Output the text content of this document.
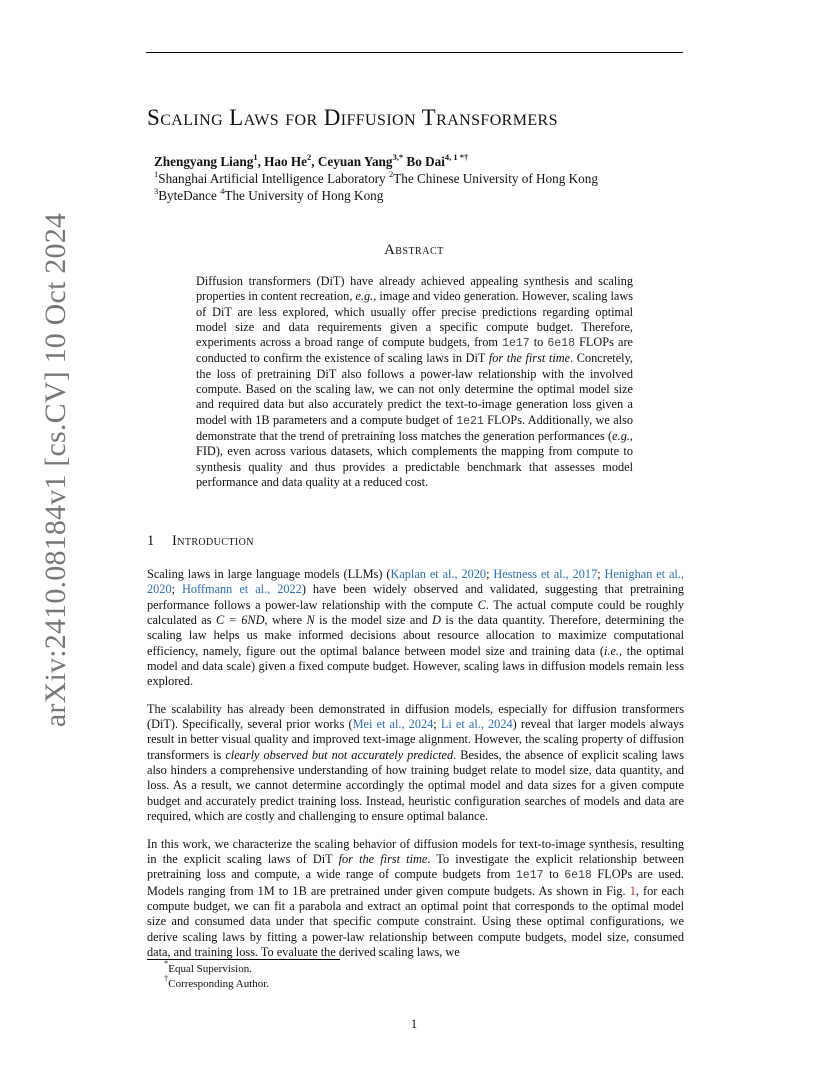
arXiv:2410.08184v1 [cs.CV] 10 Oct 2024
Scaling Laws for Diffusion Transformers
Zhengyang Liang$^1$, Hao He$^2$, Ceyuan Yang$^{3,*}$ Bo Dai$^{4, 1 *\dagger}$
$^1$Shanghai Artificial Intelligence Laboratory $^2$The Chinese University of Hong Kong
$^3$ByteDance $^4$The University of Hong Kong
Abstract
Diffusion transformers (DiT) have already achieved appealing synthesis and scaling properties in content recreation, e.g., image and video generation. However, scaling laws of DiT are less explored, which usually offer precise predictions regarding optimal model size and data requirements given a specific compute budget. Therefore, experiments across a broad range of compute budgets, from 1e17 to 6e18 FLOPs are conducted to confirm the existence of scaling laws in DiT for the first time. Concretely, the loss of pretraining DiT also follows a power-law relationship with the involved compute. Based on the scaling law, we can not only determine the optimal model size and required data but also accurately predict the text-to-image generation loss given a model with 1B parameters and a compute budget of 1e21 FLOPs. Additionally, we also demonstrate that the trend of pretraining loss matches the generation performances (e.g., FID), even across various datasets, which complements the mapping from compute to synthesis quality and thus provides a predictable benchmark that assesses model performance and data quality at a reduced cost.
1 Introduction

Scaling laws in large language models (LLMs) (Kaplan et al., 2020; Hestness et al., 2017; Henighan et al., 2020; Hoffmann et al., 2022) have been widely observed and validated, suggesting that pretraining performance follows a power-law relationship with the compute C. The actual compute could be roughly calculated as C = 6ND, where N is the model size and D is the data quantity. Therefore, determining the scaling law helps us make informed decisions about resource allocation to maximize computational efficiency, namely, figure out the optimal balance between model size and training data (i.e., the optimal model and data scale) given a fixed compute budget. However, scaling laws in diffusion models remain less explored.

The scalability has already been demonstrated in diffusion models, especially for diffusion transformers (DiT). Specifically, several prior works (Mei et al., 2024; Li et al., 2024) reveal that larger models always result in better visual quality and improved text-image alignment. However, the scaling property of diffusion transformers is clearly observed but not accurately predicted. Besides, the absence of explicit scaling laws also hinders a comprehensive understanding of how training budget relate to model size, data quantity, and loss. As a result, we cannot determine accordingly the optimal model and data sizes for a given compute budget and accurately predict training loss. Instead, heuristic configuration searches of models and data are required, which are costly and challenging to ensure optimal balance.

In this work, we characterize the scaling behavior of diffusion models for text-to-image synthesis, resulting in the explicit scaling laws of DiT for the first time. To investigate the explicit relationship between pretraining loss and compute, a wide range of compute budgets from 1e17 to 6e18 FLOPs are used. Models ranging from 1M to 1B are pretrained under given compute budgets. As shown in Fig. 1, for each compute budget, we can fit a parabola and extract an optimal point that corresponds to the optimal model size and consumed data under that specific compute constraint. Using these optimal configurations, we derive scaling laws by fitting a power-law relationship between compute budgets, model size, consumed data, and training loss. To evaluate the derived scaling laws, we

*Equal Supervision.
†Corresponding Author.
1
